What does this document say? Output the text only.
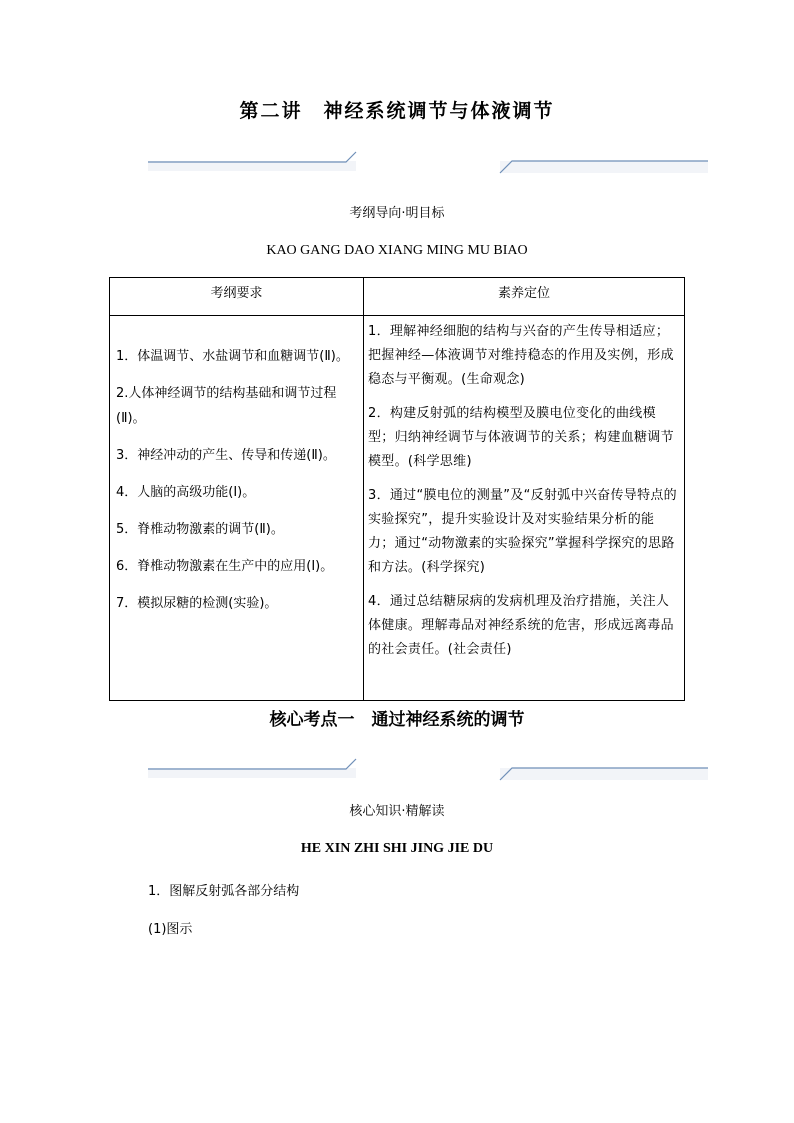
第二讲　神经系统调节与体液调节
考纲导向·明目标
KAO GANG DAO XIANG MING MU BIAO
考纲要求	素养定位
1．体温调节、水盐调节和血糖调节(Ⅱ)。
2.人体神经调节的结构基础和调节过程(Ⅱ)。
3．神经冲动的产生、传导和传递(Ⅱ)。
4．人脑的高级功能(Ⅰ)。
5．脊椎动物激素的调节(Ⅱ)。
6．脊椎动物激素在生产中的应用(Ⅰ)。
7．模拟尿糖的检测(实验)。
1．理解神经细胞的结构与兴奋的产生传导相适应；把握神经—体液调节对维持稳态的作用及实例，形成稳态与平衡观。(生命观念)
2．构建反射弧的结构模型及膜电位变化的曲线模型；归纳神经调节与体液调节的关系；构建血糖调节模型。(科学思维)
3．通过“膜电位的测量”及“反射弧中兴奋传导特点的实验探究”，提升实验设计及对实验结果分析的能力；通过“动物激素的实验探究”掌握科学探究的思路和方法。(科学探究)
4．通过总结糖尿病的发病机理及治疗措施，关注人体健康。理解毒品对神经系统的危害，形成远离毒品的社会责任。(社会责任)
核心考点一　通过神经系统的调节
核心知识·精解读
HE XIN ZHI SHI JING JIE DU
1．图解反射弧各部分结构
(1)图示
